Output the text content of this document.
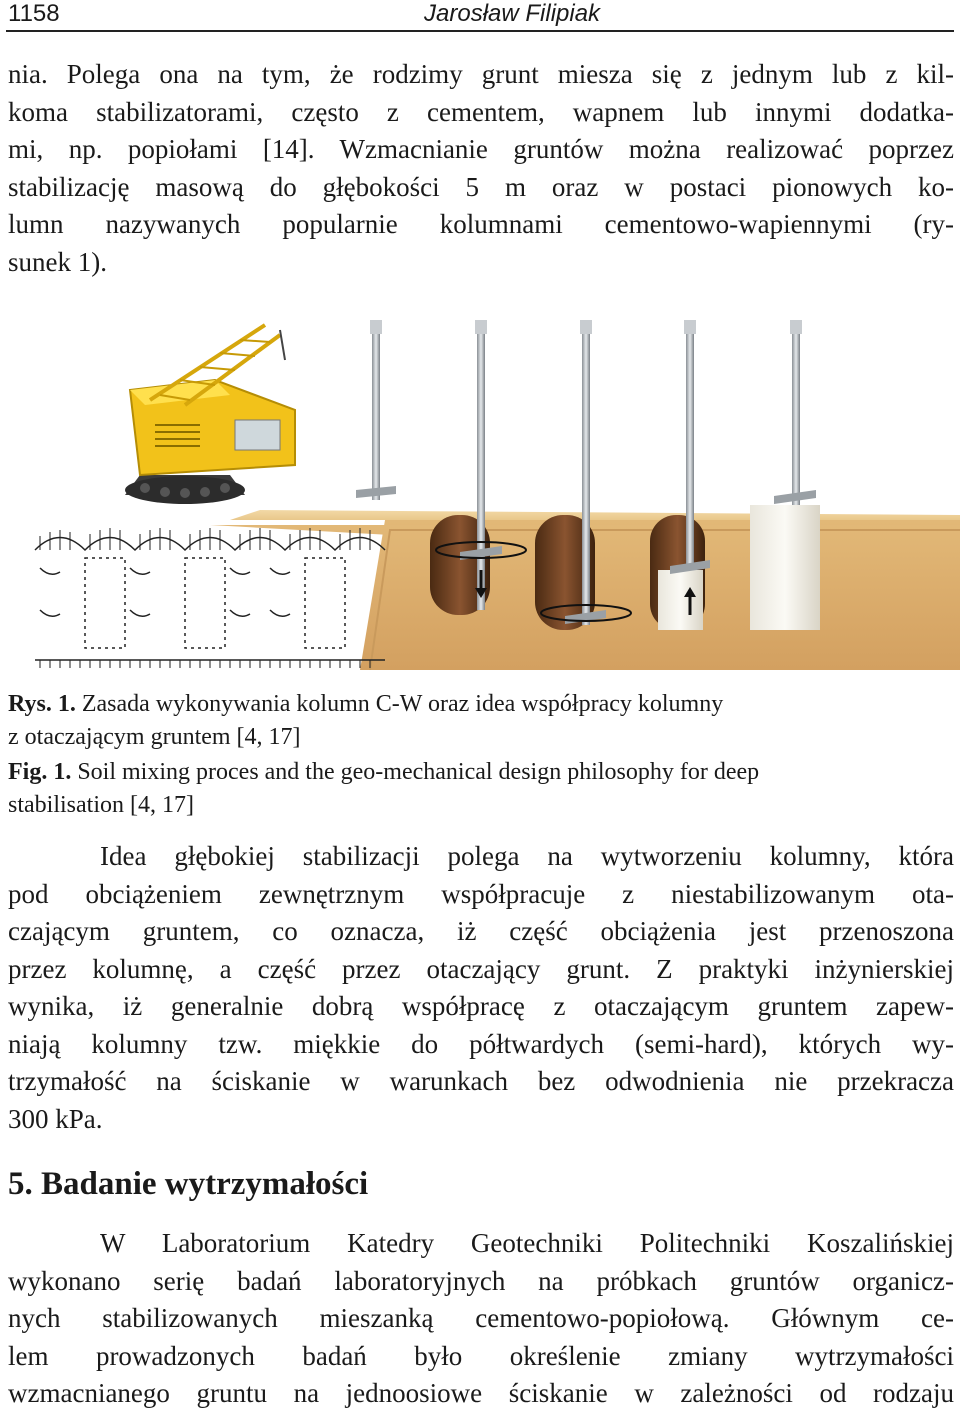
1158	Jarosław Filipiak
nia. Polega ona na tym, że rodzimy grunt miesza się z jednym lub z kil-
koma stabilizatorami, często z cementem, wapnem lub innymi dodatka-
mi, np. popiołami [14]. Wzmacnianie gruntów można realizować poprzez
stabilizację masową do głębokości 5 m oraz w postaci pionowych ko-
lumn nazywanych popularnie kolumnami cementowo-wapiennymi (ry-
sunek 1).
Rys. 1. Zasada wykonywania kolumn C-W oraz idea współpracy kolumny
z otaczającym gruntem [4, 17]
Fig. 1. Soil mixing proces and the geo-mechanical design philosophy for deep
stabilisation [4, 17]
Idea głębokiej stabilizacji polega na wytworzeniu kolumny, która
pod obciążeniem zewnętrznym współpracuje z niestabilizowanym ota-
czającym gruntem, co oznacza, iż część obciążenia jest przenoszona
przez kolumnę, a część przez otaczający grunt. Z praktyki inżynierskiej
wynika, iż generalnie dobrą współpracę z otaczającym gruntem zapew-
niają kolumny tzw. miękkie do półtwardych (semi-hard), których wy-
trzymałość na ściskanie w warunkach bez odwodnienia nie przekracza
300 kPa.
5. Badanie wytrzymałości
W Laboratorium Katedry Geotechniki Politechniki Koszalińskiej
wykonano serię badań laboratoryjnych na próbkach gruntów organicz-
nych stabilizowanych mieszanką cementowo-popiołową. Głównym ce-
lem prowadzonych badań było określenie zmiany wytrzymałości
wzmacnianego gruntu na jednoosiowe ściskanie w zależności od rodzaju
